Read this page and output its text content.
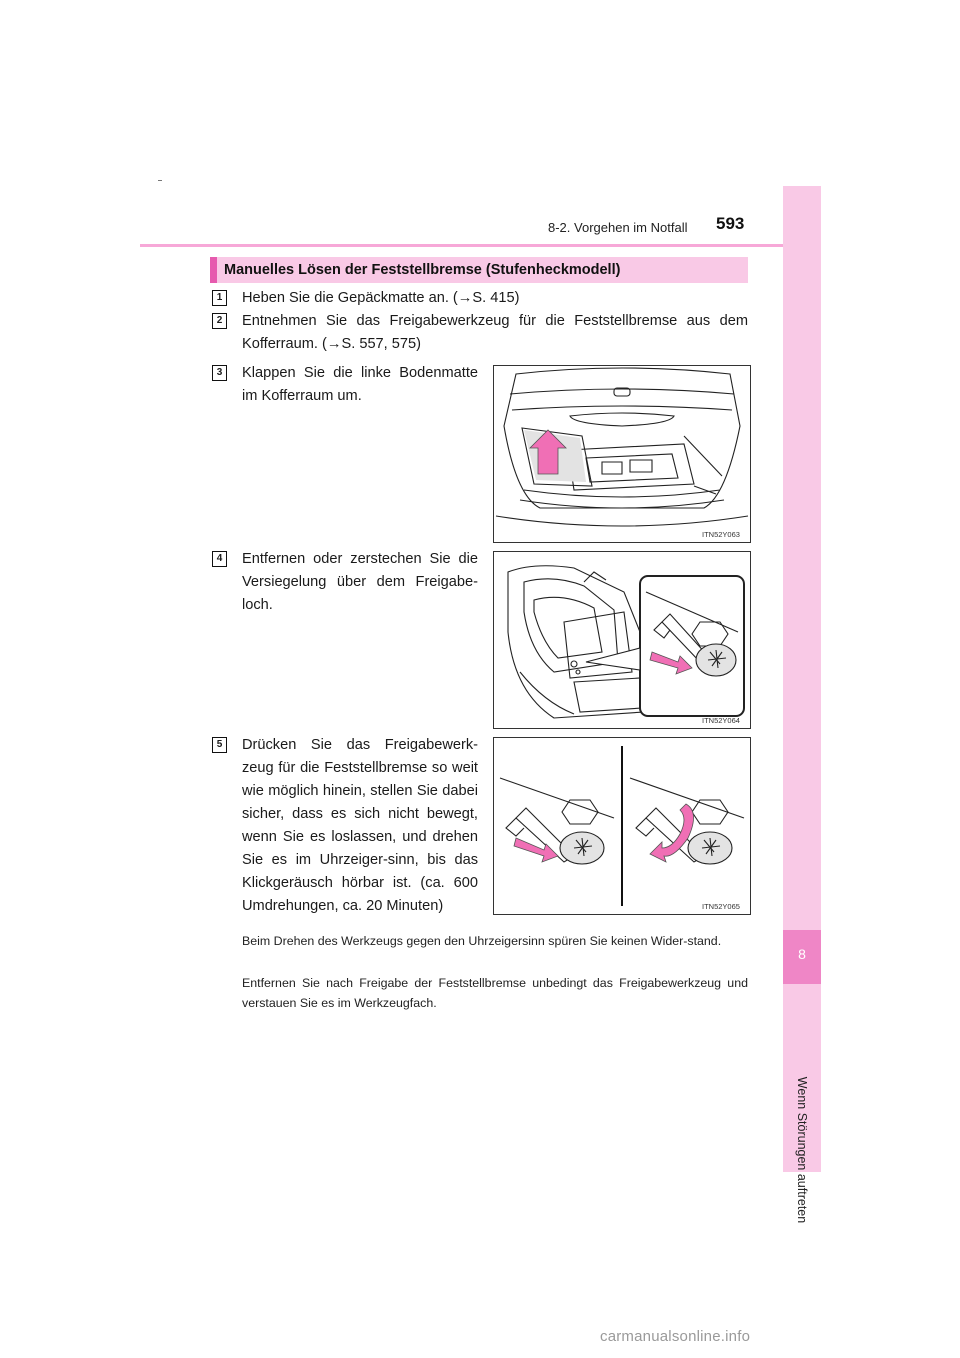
8-2. Vorgehen im Notfall 593
8
Wenn Störungen auftreten
Manuelles Lösen der Feststellbremse (Stufenheckmodell)
1	Heben Sie die Gepäckmatte an. (→S. 415)
2	Entnehmen Sie das Freigabewerkzeug für die Feststellbremse aus dem
Kofferraum. (→S. 557, 575)
3	Klappen Sie die linke Bodenmatte im Kofferraum um.
ITN52Y063
4	Entfernen oder zerstechen Sie die Versiegelung über dem Freigabe-loch.
ITN52Y064
5	Drücken Sie das Freigabewerk-zeug für die Feststellbremse so weit wie möglich hinein, stellen Sie dabei sicher, dass es sich nicht bewegt, wenn Sie es loslassen, und drehen Sie es im Uhrzeiger-sinn, bis das Klickgeräusch hörbar ist. (ca. 600 Umdrehungen, ca. 20 Minuten)	ITN52Y065
Beim Drehen des Werkzeugs gegen den Uhrzeigersinn spüren Sie keinen Wider-stand.
Entfernen Sie nach Freigabe der Feststellbremse unbedingt das Freigabewerkzeug und verstauen Sie es im Werkzeugfach.
carmanualsonline.info
